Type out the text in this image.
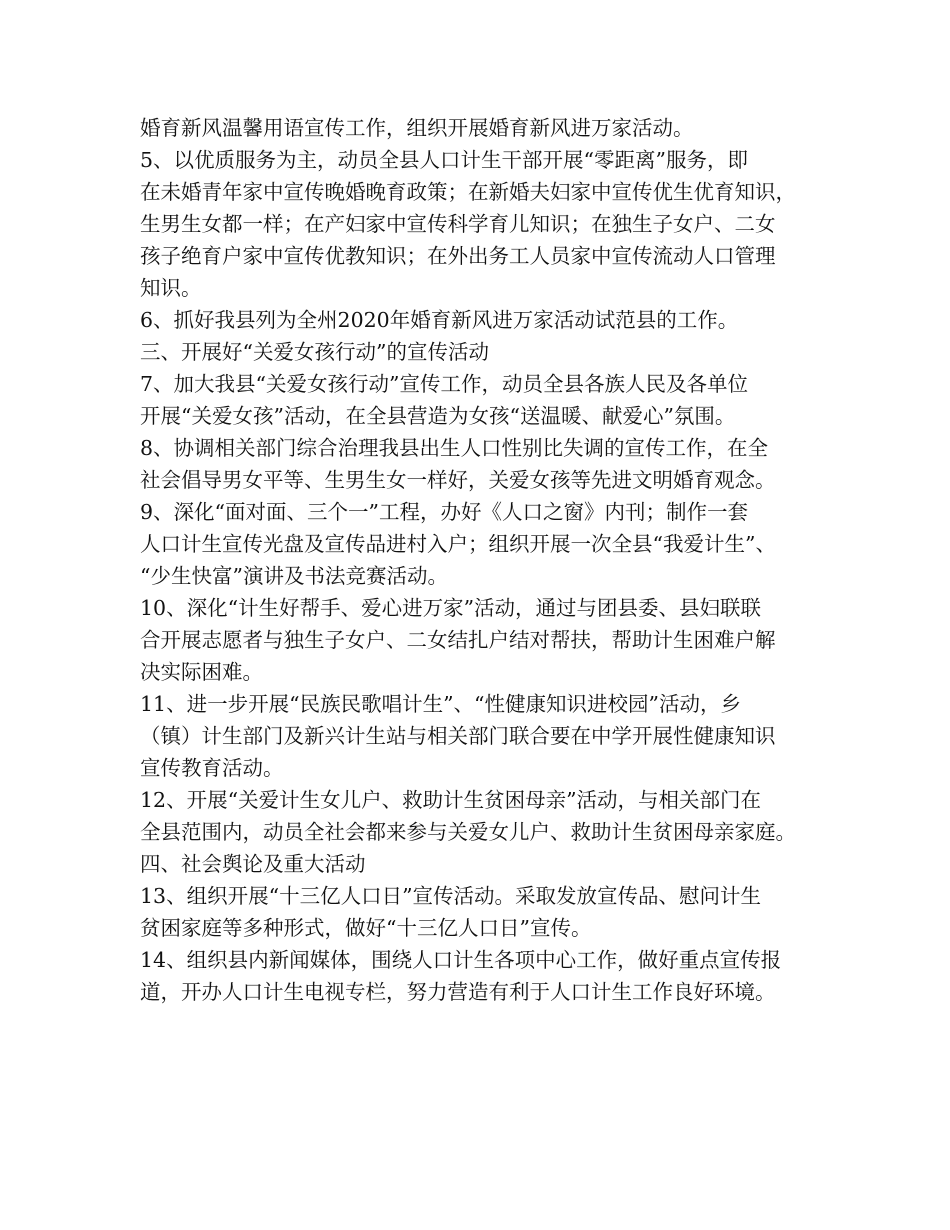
婚育新风温馨用语宣传工作，组织开展婚育新风进万家活动。
5、以优质服务为主，动员全县人口计生干部开展“零距离”服务，即
在未婚青年家中宣传晚婚晚育政策；在新婚夫妇家中宣传优生优育知识，
生男生女都一样；在产妇家中宣传科学育儿知识；在独生子女户、二女
孩子绝育户家中宣传优教知识；在外出务工人员家中宣传流动人口管理
知识。
6、抓好我县列为全州2020年婚育新风进万家活动试范县的工作。
三、开展好“关爱女孩行动”的宣传活动
7、加大我县“关爱女孩行动”宣传工作，动员全县各族人民及各单位
开展“关爱女孩”活动，在全县营造为女孩“送温暖、献爱心”氛围。
8、协调相关部门综合治理我县出生人口性别比失调的宣传工作，在全
社会倡导男女平等、生男生女一样好，关爱女孩等先进文明婚育观念。
9、深化“面对面、三个一”工程，办好《人口之窗》内刊；制作一套
人口计生宣传光盘及宣传品进村入户；组织开展一次全县“我爱计生”、
“少生快富”演讲及书法竞赛活动。
10、深化“计生好帮手、爱心进万家”活动，通过与团县委、县妇联联
合开展志愿者与独生子女户、二女结扎户结对帮扶，帮助计生困难户解
决实际困难。
11、进一步开展“民族民歌唱计生”、“性健康知识进校园”活动，乡
（镇）计生部门及新兴计生站与相关部门联合要在中学开展性健康知识
宣传教育活动。
12、开展“关爱计生女儿户、救助计生贫困母亲”活动，与相关部门在
全县范围内，动员全社会都来参与关爱女儿户、救助计生贫困母亲家庭。
四、社会舆论及重大活动
13、组织开展“十三亿人口日”宣传活动。采取发放宣传品、慰问计生
贫困家庭等多种形式，做好“十三亿人口日”宣传。
14、组织县内新闻媒体，围绕人口计生各项中心工作，做好重点宣传报
道，开办人口计生电视专栏，努力营造有利于人口计生工作良好环境。
